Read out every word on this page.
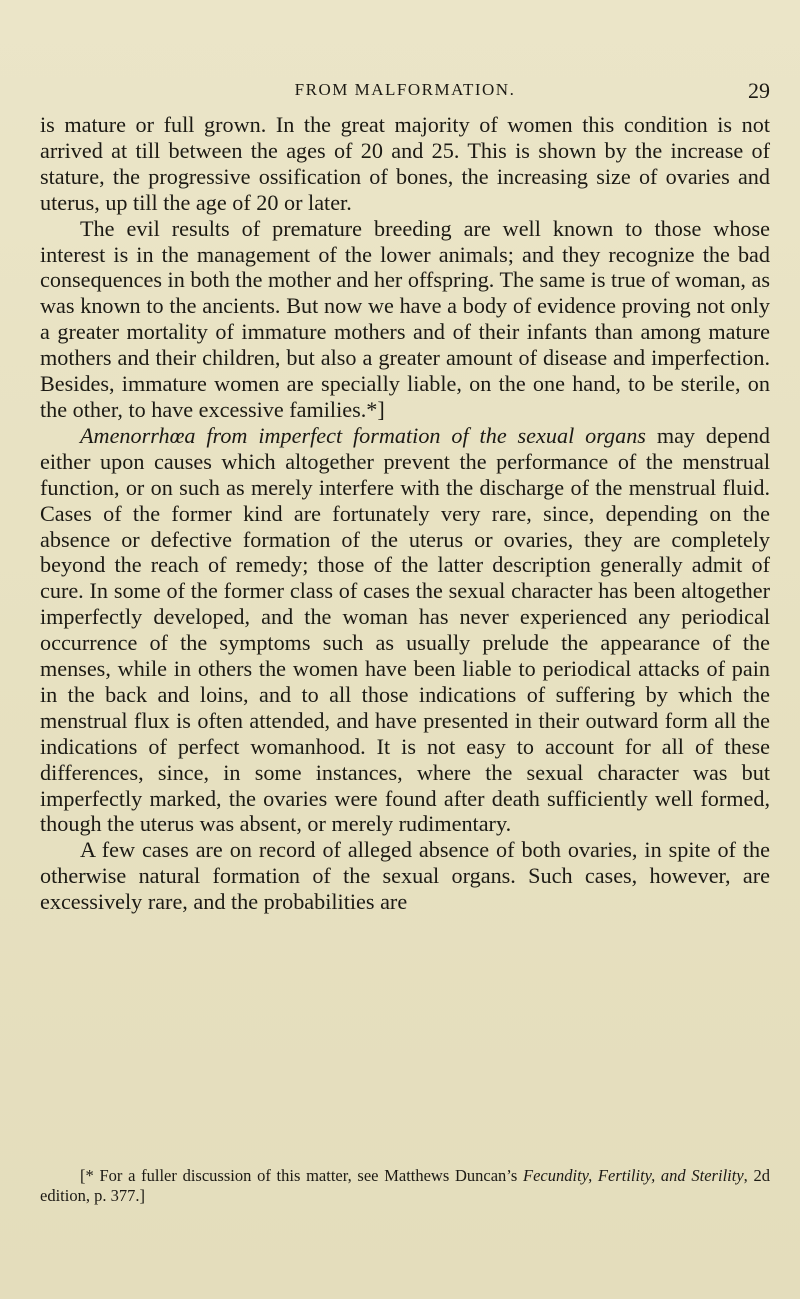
FROM MALFORMATION.	29

is mature or full grown. In the great majority of women this condition is not arrived at till between the ages of 20 and 25. This is shown by the increase of stature, the progressive ossification of bones, the increasing size of ovaries and uterus, up till the age of 20 or later.

The evil results of premature breeding are well known to those whose interest is in the management of the lower animals; and they recognize the bad consequences in both the mother and her offspring. The same is true of woman, as was known to the ancients. But now we have a body of evidence proving not only a greater mortality of immature mothers and of their infants than among mature mothers and their children, but also a greater amount of disease and imperfection. Besides, immature women are specially liable, on the one hand, to be sterile, on the other, to have excessive families.*]

Amenorrhœa from imperfect formation of the sexual organs may depend either upon causes which altogether prevent the performance of the menstrual function, or on such as merely interfere with the discharge of the menstrual fluid. Cases of the former kind are fortunately very rare, since, depending on the absence or defective formation of the uterus or ovaries, they are completely beyond the reach of remedy; those of the latter description generally admit of cure. In some of the former class of cases the sexual character has been altogether imperfectly developed, and the woman has never experienced any periodical occurrence of the symptoms such as usually prelude the appearance of the menses, while in others the women have been liable to periodical attacks of pain in the back and loins, and to all those indications of suffering by which the menstrual flux is often attended, and have presented in their outward form all the indications of perfect womanhood. It is not easy to account for all of these differences, since, in some instances, where the sexual character was but imperfectly marked, the ovaries were found after death sufficiently well formed, though the uterus was absent, or merely rudimentary.

A few cases are on record of alleged absence of both ovaries, in spite of the otherwise natural formation of the sexual organs. Such cases, however, are excessively rare, and the probabilities are

[* For a fuller discussion of this matter, see Matthews Duncan’s Fecundity, Fertility, and Sterility, 2d edition, p. 377.]
